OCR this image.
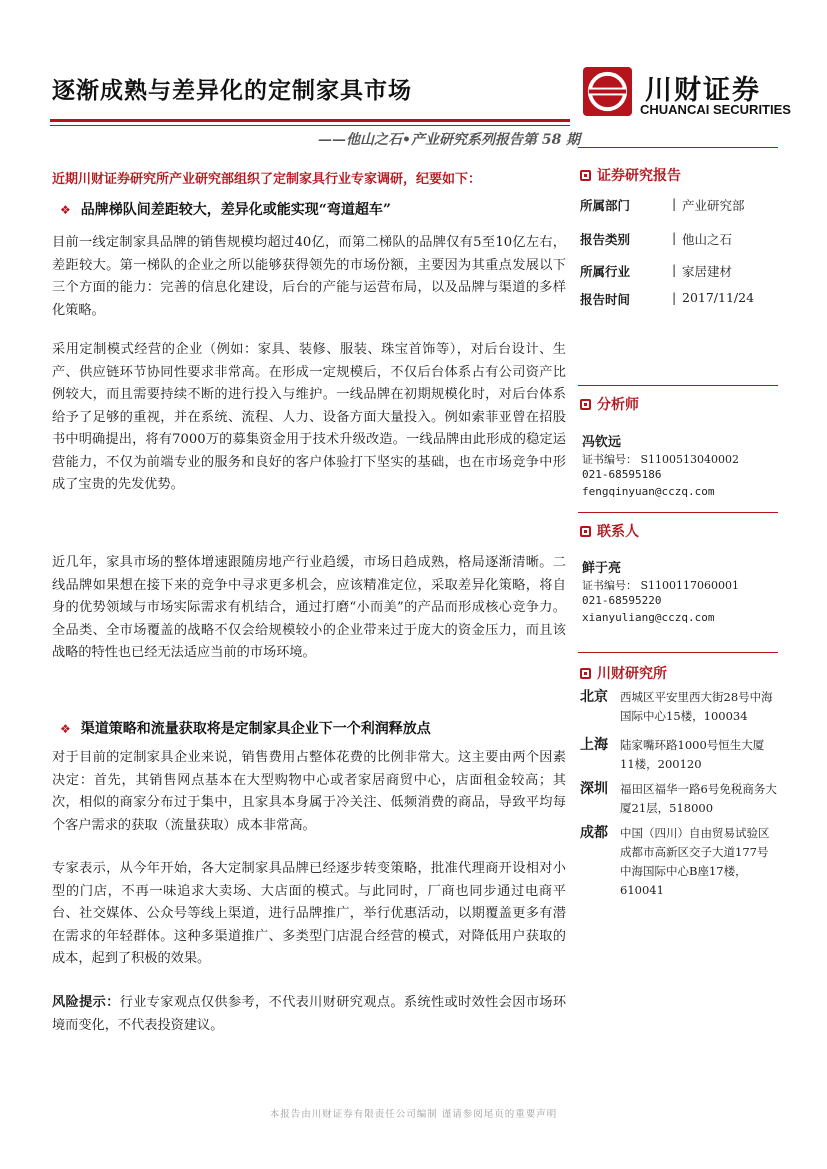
逐渐成熟与差异化的定制家具市场
——他山之石•产业研究系列报告第 58 期
川财证券
CHUANCAI SECURITIES
近期川财证券研究所产业研究部组织了定制家具行业专家调研，纪要如下：
❖ 品牌梯队间差距较大，差异化或能实现“弯道超车”

目前一线定制家具品牌的销售规模均超过40亿，而第二梯队的品牌仅有5至10亿左右，差距较大。第一梯队的企业之所以能够获得领先的市场份额，主要因为其重点发展以下三个方面的能力：完善的信息化建设，后台的产能与运营布局，以及品牌与渠道的多样化策略。

采用定制模式经营的企业（例如：家具、装修、服装、珠宝首饰等），对后台设计、生产、供应链环节协同性要求非常高。在形成一定规模后，不仅后台体系占有公司资产比例较大，而且需要持续不断的进行投入与维护。一线品牌在初期规模化时，对后台体系给予了足够的重视，并在系统、流程、人力、设备方面大量投入。例如索菲亚曾在招股书中明确提出，将有7000万的募集资金用于技术升级改造。一线品牌由此形成的稳定运营能力，不仅为前端专业的服务和良好的客户体验打下坚实的基础，也在市场竞争中形成了宝贵的先发优势。

近几年，家具市场的整体增速跟随房地产行业趋缓，市场日趋成熟，格局逐渐清晰。二线品牌如果想在接下来的竞争中寻求更多机会，应该精准定位，采取差异化策略，将自身的优势领域与市场实际需求有机结合，通过打磨“小而美”的产品而形成核心竞争力。全品类、全市场覆盖的战略不仅会给规模较小的企业带来过于庞大的资金压力，而且该战略的特性也已经无法适应当前的市场环境。

❖ 渠道策略和流量获取将是定制家具企业下一个利润释放点

对于目前的定制家具企业来说，销售费用占整体花费的比例非常大。这主要由两个因素决定：首先，其销售网点基本在大型购物中心或者家居商贸中心，店面租金较高；其次，相似的商家分布过于集中，且家具本身属于冷关注、低频消费的商品，导致平均每个客户需求的获取（流量获取）成本非常高。

专家表示，从今年开始，各大定制家具品牌已经逐步转变策略，批准代理商开设相对小型的门店，不再一味追求大卖场、大店面的模式。与此同时，厂商也同步通过电商平台、社交媒体、公众号等线上渠道，进行品牌推广，举行优惠活动，以期覆盖更多有潜在需求的年轻群体。这种多渠道推广、多类型门店混合经营的模式，对降低用户获取的成本，起到了积极的效果。

风险提示：行业专家观点仅供参考，不代表川财研究观点。系统性或时效性会因市场环境而变化，不代表投资建议。

证券研究报告
所属部门	| 产业研究部
报告类别	| 他山之石
所属行业	| 家居建材
报告时间	| 2017/11/24
分析师
冯钦远
证书编号： S1100513040002
021-68595186
fengqinyuan@cczq.com
联系人
鲜于亮
证书编号： S1100117060001
021-68595220
xianyuliang@cczq.com
川财研究所
北京 西城区平安里西大街28号中海国际中心15楼，100034

上海 陆家嘴环路1000号恒生大厦11楼，200120

深圳 福田区福华一路6号免税商务大厦21层，518000

成都 中国（四川）自由贸易试验区成都市高新区交子大道177号中海国际中心B座17楼，610041

本报告由川财证券有限责任公司编制 谨请参阅尾页的重要声明
